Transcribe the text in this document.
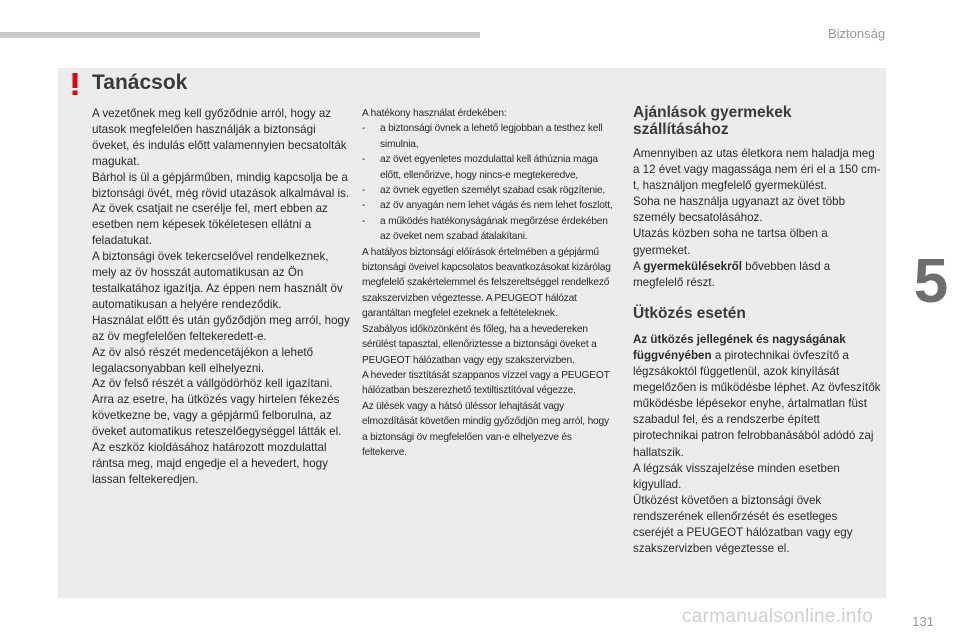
Biztonság
5
Tanácsok

A vezetőnek meg kell győződnie arról, hogy az utasok megfelelően használják a biztonsági öveket, és indulás előtt valamennyien becsatolták magukat.

Bárhol is ül a gépjárműben, mindig kapcsolja be a biztonsági övét, még rövid utazások alkalmával is.

Az övek csatjait ne cserélje fel, mert ebben az esetben nem képesek tökéletesen ellátni a feladatukat.

A biztonsági övek tekercselővel rendelkeznek, mely az öv hosszát automatikusan az Ön testalkatához igazítja. Az éppen nem használt öv automatikusan a helyére rendeződik.

Használat előtt és után győződjön meg arról, hogy az öv megfelelően feltekeredett-e.

Az öv alsó részét medencetájékon a lehető legalacsonyabban kell elhelyezni.

Az öv felső részét a vállgödörhöz kell igazítani.

Arra az esetre, ha ütközés vagy hirtelen fékezés következne be, vagy a gépjármű felborulna, az öveket automatikus reteszelőegységgel látták el. Az eszköz kioldásához határozott mozdulattal rántsa meg, majd engedje el a hevedert, hogy lassan feltekeredjen.

A hatékony használat érdekében:

- a biztonsági övnek a lehető legjobban a testhez kell simulnia,

- az övet egyenletes mozdulattal kell áthúznia maga előtt, ellenőrizve, hogy nincs-e megtekeredve,

- az övnek egyetlen személyt szabad csak rögzítenie,

- az öv anyagán nem lehet vágás és nem lehet foszlott,

- a működés hatékonyságának megőrzése érdekében az öveket nem szabad átalakítani.

A hatályos biztonsági előírások értelmében a gépjármű biztonsági öveivel kapcsolatos beavatkozásokat kizárólag megfelelő szakértelemmel és felszereltséggel rendelkező szakszervizben végeztesse. A PEUGEOT hálózat garantáltan megfelel ezeknek a feltételeknek.

Szabályos időközönként és főleg, ha a hevedereken sérülést tapasztal, ellenőriztesse a biztonsági öveket a PEUGEOT hálózatban vagy egy szakszervizben.

A heveder tisztítását szappanos vízzel vagy a PEUGEOT hálózatban beszerezhető textiltisztítóval végezze.

Az ülések vagy a hátsó üléssor lehajtását vagy elmozdítását követően mindig győződjön meg arról, hogy a biztonsági öv megfelelően van-e elhelyezve és feltekerve.

Ajánlások gyermekek szállításához

Amennyiben az utas életkora nem haladja meg a 12 évet vagy magassága nem éri el a 150 cm-t, használjon megfelelő gyermekülést.

Soha ne használja ugyanazt az övet több személy becsatolásához.

Utazás közben soha ne tartsa ölben a gyermeket.

A gyermekülésekről bővebben lásd a megfelelő részt.

Ütközés esetén

Az ütközés jellegének és nagyságának függvényében a pirotechnikai övfeszítő a légzsákoktól függetlenül, azok kinyílását megelőzően is működésbe léphet. Az övfeszítők működésbe lépésekor enyhe, ártalmatlan füst szabadul fel, és a rendszerbe épített pirotechnikai patron felrobbanásából adódó zaj hallatszik.

A légzsák visszajelzése minden esetben kigyullad.

Ütközést követően a biztonsági övek rendszerének ellenőrzését és esetleges cseréjét a PEUGEOT hálózatban vagy egy szakszervizben végeztesse el.

carmanualsonline.info	131
